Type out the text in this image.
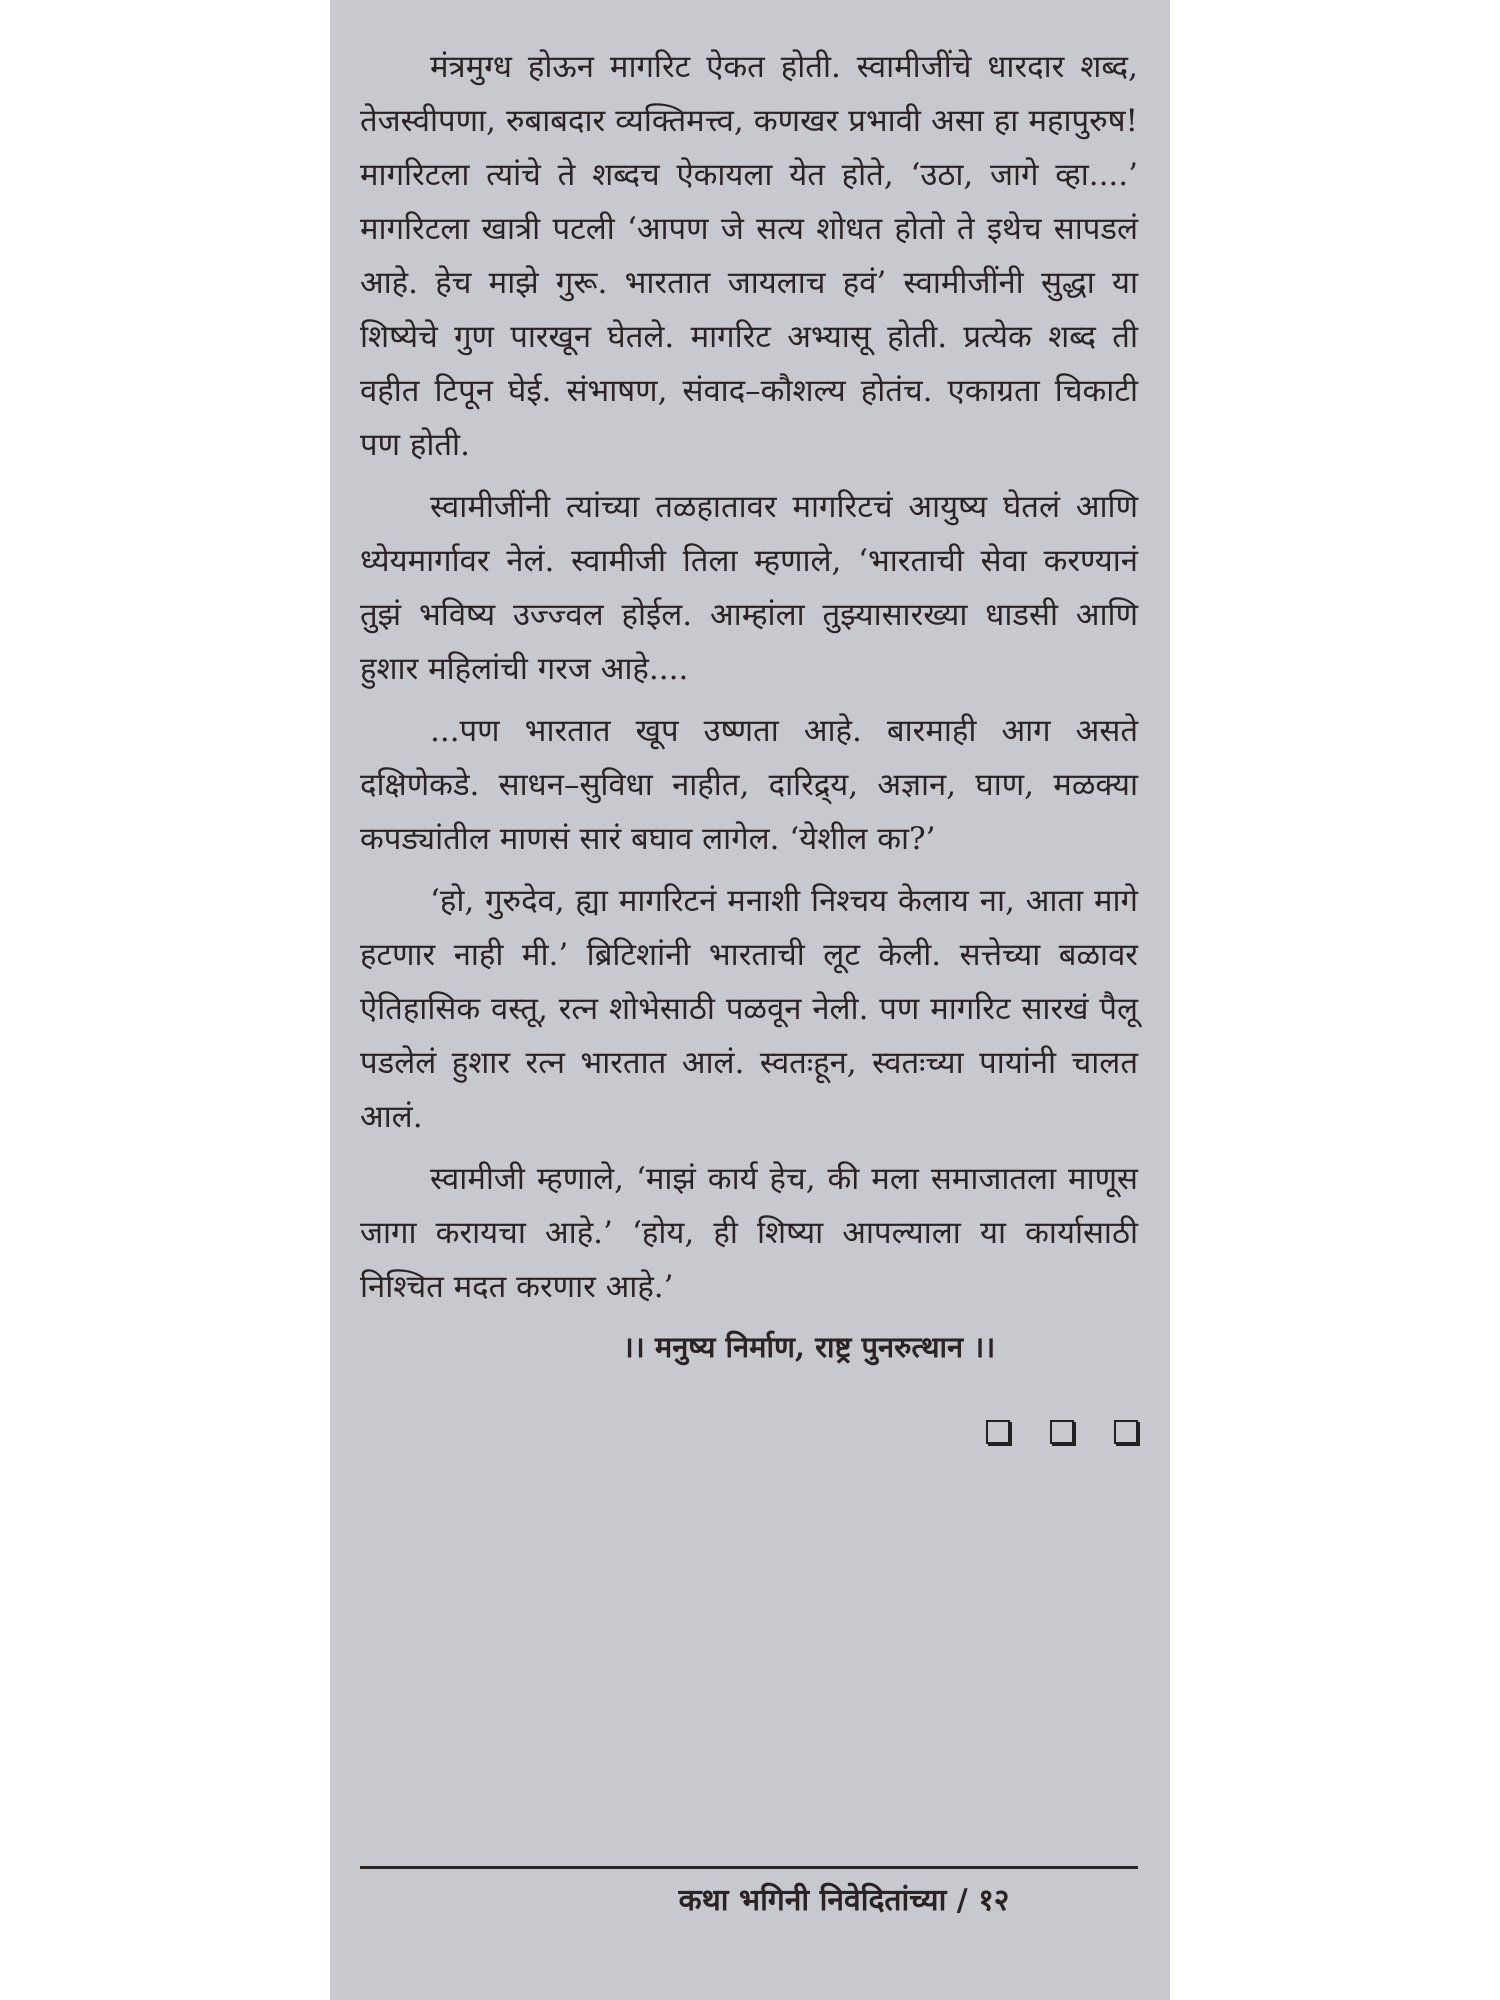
मंत्रमुग्ध होऊन मागरिट ऐकत होती. स्वामीजींचे धारदार शब्द, तेजस्वीपणा, रुबाबदार व्यक्तिमत्त्व, कणखर प्रभावी असा हा महापुरुष! मागरिटला त्यांचे ते शब्दच ऐकायला येत होते, ‘उठा, जागे व्हा....’ मागरिटला खात्री पटली ‘आपण जे सत्य शोधत होतो ते इथेच सापडलं आहे. हेच माझे गुरू. भारतात जायलाच हवं’ स्वामीजींनी सुद्धा या शिष्येचे गुण पारखून घेतले. मागरिट अभ्यासू होती. प्रत्येक शब्द ती वहीत टिपून घेई. संभाषण, संवाद–कौशल्य होतंच. एकाग्रता चिकाटी पण होती.

स्वामीजींनी त्यांच्या तळहातावर मागरिटचं आयुष्य घेतलं आणि ध्येयमार्गावर नेलं. स्वामीजी तिला म्हणाले, ‘भारताची सेवा करण्यानं तुझं भविष्य उज्ज्वल होईल. आम्हांला तुझ्यासारख्या धाडसी आणि हुशार महिलांची गरज आहे....

...पण भारतात खूप उष्णता आहे. बारमाही आग असते दक्षिणेकडे. साधन–सुविधा नाहीत, दारिद्र्य, अज्ञान, घाण, मळक्या कपड्यांतील माणसं सारं बघाव लागेल. ‘येशील का?’

‘हो, गुरुदेव, ह्या मागरिटनं मनाशी निश्चय केलाय ना, आता मागे हटणार नाही मी.’ ब्रिटिशांनी भारताची लूट केली. सत्तेच्या बळावर ऐतिहासिक वस्तू, रत्न शोभेसाठी पळवून नेली. पण मागरिट सारखं पैलू पडलेलं हुशार रत्न भारतात आलं. स्वतःहून, स्वतःच्या पायांनी चालत आलं.

स्वामीजी म्हणाले, ‘माझं कार्य हेच, की मला समाजातला माणूस जागा करायचा आहे.’ ‘होय, ही शिष्या आपल्याला या कार्यासाठी निश्चित मदत करणार आहे.’

।। मनुष्य निर्माण, राष्ट्र पुनरुत्थान ।।

कथा भगिनी निवेदितांच्या / १२
